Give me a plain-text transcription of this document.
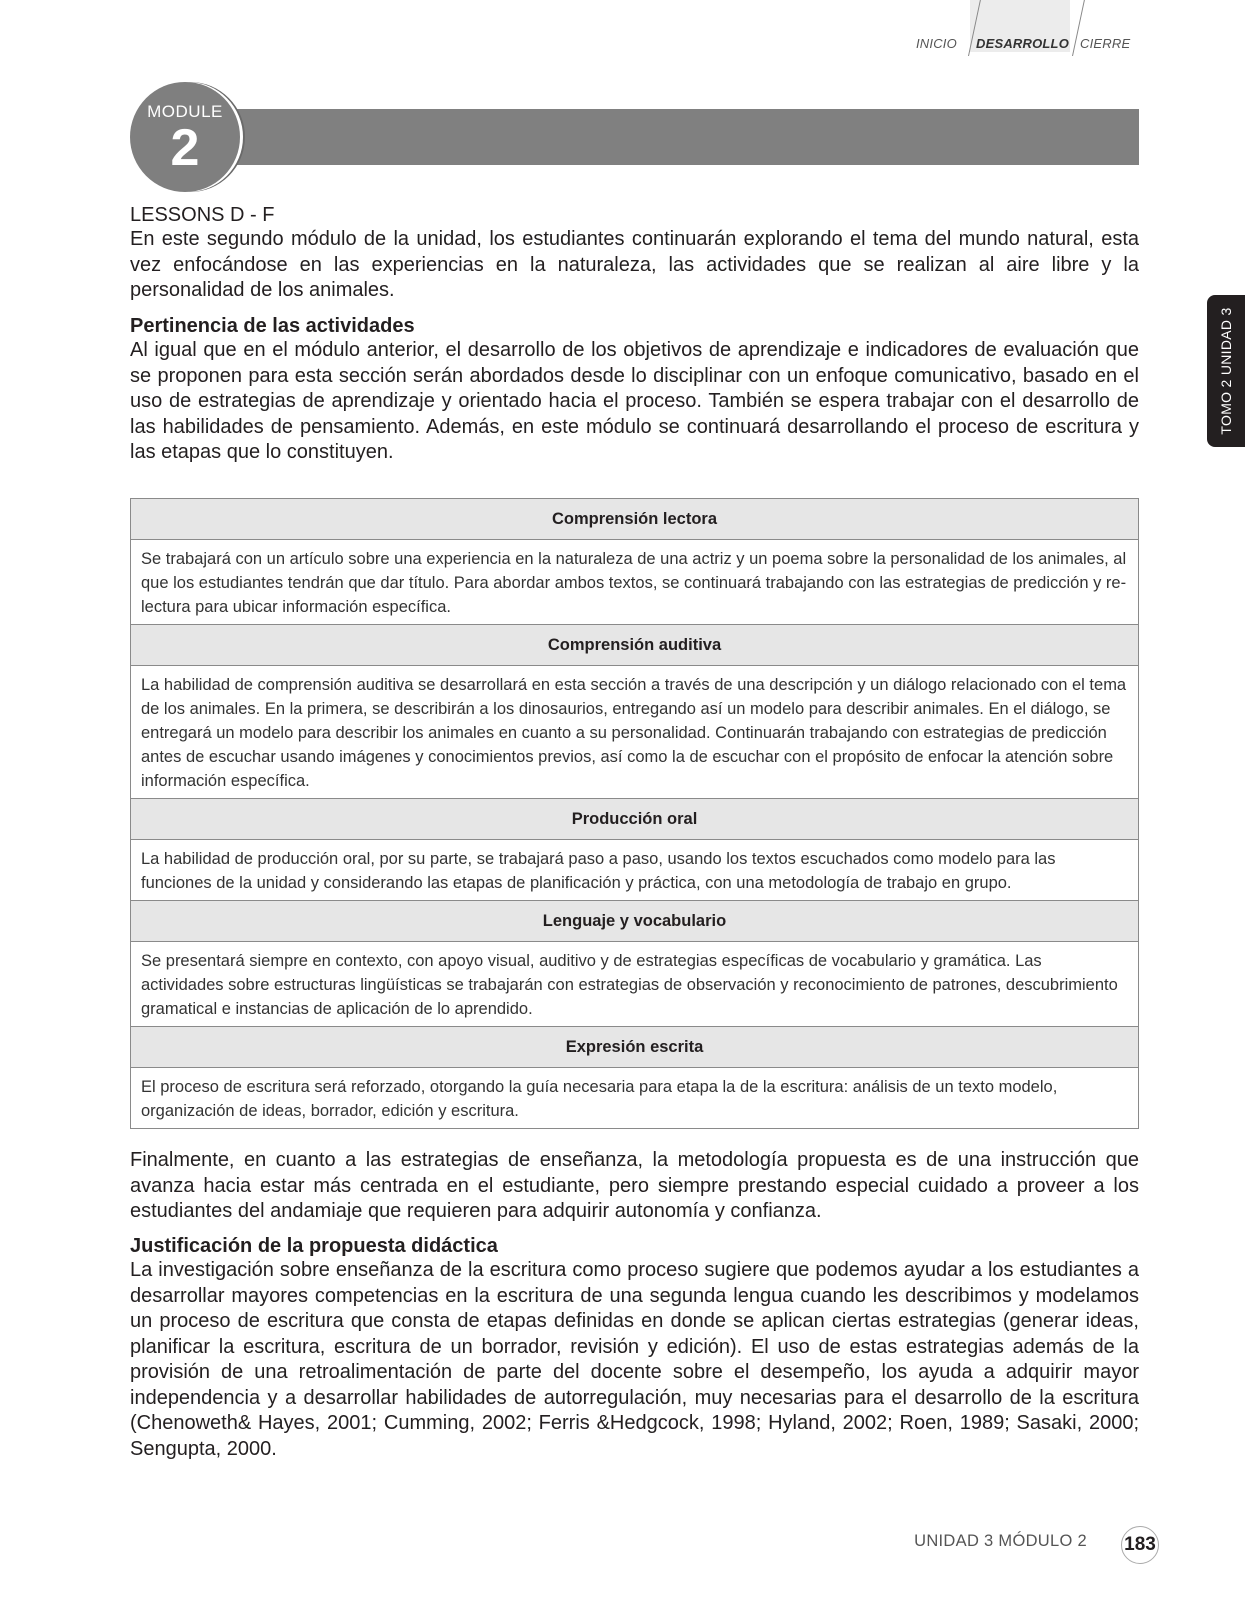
INICIO DESARROLLO CIERRE
MODULE
2
TOMO 2 UNIDAD 3

LESSONS D - F

En este segundo módulo de la unidad, los estudiantes continuarán explorando el tema del mundo natural, esta vez enfocándose en las experiencias en la naturaleza, las actividades que se realizan al aire libre y la personalidad de los animales.

Pertinencia de las actividades

Al igual que en el módulo anterior, el desarrollo de los objetivos de aprendizaje e indicadores de evaluación que se proponen para esta sección serán abordados desde lo disciplinar con un enfoque comunicativo, basado en el uso de estrategias de aprendizaje y orientado hacia el proceso. También se espera trabajar con el desarrollo de las habilidades de pensamiento. Además, en este módulo se continuará desarrollando el proceso de escritura y las etapas que lo constituyen.

Comprensión lectora
Se trabajará con un artículo sobre una experiencia en la naturaleza de una actriz y un poema sobre la personalidad de los animales, al que los estudiantes tendrán que dar título. Para abordar ambos textos, se continuará trabajando con las estrategias de predicción y re-lectura para ubicar información específica.
Comprensión auditiva
La habilidad de comprensión auditiva se desarrollará en esta sección a través de una descripción y un diálogo relacionado con el tema de los animales. En la primera, se describirán a los dinosaurios, entregando así un modelo para describir animales. En el diálogo, se entregará un modelo para describir los animales en cuanto a su personalidad. Continuarán trabajando con estrategias de predicción antes de escuchar usando imágenes y conocimientos previos, así como la de escuchar con el propósito de enfocar la atención sobre información específica.
Producción oral
La habilidad de producción oral, por su parte, se trabajará paso a paso, usando los textos escuchados como modelo para las funciones de la unidad y considerando las etapas de planificación y práctica, con una metodología de trabajo en grupo.
Lenguaje y vocabulario
Se presentará siempre en contexto, con apoyo visual, auditivo y de estrategias específicas de vocabulario y gramática. Las actividades sobre estructuras lingüísticas se trabajarán con estrategias de observación y reconocimiento de patrones, descubrimiento gramatical e instancias de aplicación de lo aprendido.
Expresión escrita
El proceso de escritura será reforzado, otorgando la guía necesaria para etapa la de la escritura: análisis de un texto modelo, organización de ideas, borrador, edición y escritura.

Finalmente, en cuanto a las estrategias de enseñanza, la metodología propuesta es de una instrucción que avanza hacia estar más centrada en el estudiante, pero siempre prestando especial cuidado a proveer a los estudiantes del andamiaje que requieren para adquirir autonomía y confianza.

Justificación de la propuesta didáctica

La investigación sobre enseñanza de la escritura como proceso sugiere que podemos ayudar a los estudiantes a desarrollar mayores competencias en la escritura de una segunda lengua cuando les describimos y modelamos un proceso de escritura que consta de etapas definidas en donde se aplican ciertas estrategias (generar ideas, planificar la escritura, escritura de un borrador, revisión y edición). El uso de estas estrategias además de la provisión de una retroalimentación de parte del docente sobre el desempeño, los ayuda a adquirir mayor independencia y a desarrollar habilidades de autorregulación, muy necesarias para el desarrollo de la escritura (Chenoweth& Hayes, 2001; Cumming, 2002; Ferris &Hedgcock, 1998; Hyland, 2002; Roen, 1989; Sasaki, 2000; Sengupta, 2000.

UNIDAD 3 MÓDULO 2 183
